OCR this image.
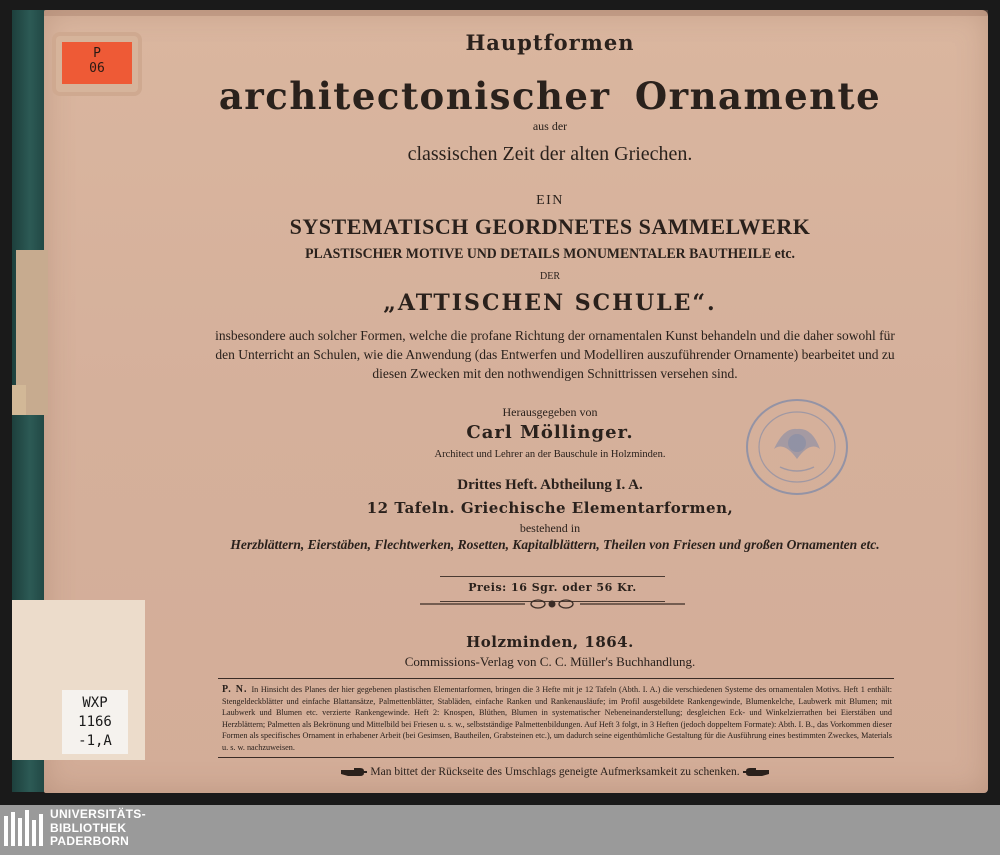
P
06
WXP
1166
-1,A
Hauptformen
architectonischer Ornamente
aus der
classischen Zeit der alten Griechen.
EIN
SYSTEMATISCH GEORDNETES SAMMELWERK
PLASTISCHER MOTIVE UND DETAILS MONUMENTALER BAUTHEILE etc.
DER
„ATTISCHEN SCHULE“.
insbesondere auch solcher Formen, welche die profane Richtung der ornamentalen Kunst behandeln und die daher sowohl für den Unterricht an Schulen, wie die Anwendung (das Entwerfen und Modelliren auszuführender Ornamente) bearbeitet und zu diesen Zwecken mit den nothwendigen Schnittrissen versehen sind.
Herausgegeben von
Carl Möllinger.
Architect und Lehrer an der Bauschule in Holzminden.
Drittes Heft. Abtheilung I. A.
12 Tafeln. Griechische Elementarformen,
bestehend in
Herzblättern, Eierstäben, Flechtwerken, Rosetten, Kapitalblättern, Theilen von Friesen und großen Ornamenten etc.
Preis: 16 Sgr. oder 56 Kr.
Holzminden, 1864.
Commissions-Verlag von C. C. Müller's Buchhandlung.
P. N. In Hinsicht des Planes der hier gegebenen plastischen Elementarformen, bringen die 3 Hefte mit je 12 Tafeln (Abth. I. A.) die verschiedenen Systeme des ornamentalen Motivs. Heft 1 enthält: Stengeldeckblätter und einfache Blattansätze, Palmettenblätter, Stabläden, einfache Ranken und Rankenausläufe; im Profil ausgebildete Rankengewinde, Blumenkelche, Laubwerk mit Blumen; mit Laubwerk und Blumen etc. verzierte Rankengewinde. Heft 2: Knospen, Blüthen, Blumen in systematischer Nebeneinanderstellung; desgleichen Eck- und Winkelzierrathen bei Eierstäben und Herzblättern; Palmetten als Bekrönung und Mittelbild bei Friesen u. s. w., selbstständige Palmettenbildungen. Auf Heft 3 folgt, in 3 Heften (jedoch doppeltem Formate): Abth. I. B., das Vorkommen dieser Formen als specifisches Ornament in erhabener Arbeit (bei Gesimsen, Bautheilen, Grabsteinen etc.), um dadurch seine eigenthümliche Gestaltung für die Ausführung eines bestimmten Zweckes, Materials u. s. w. nachzuweisen.
Man bittet der Rückseite des Umschlags geneigte Aufmerksamkeit zu schenken.
UNIVERSITÄTS-
BIBLIOTHEK
PADERBORN
